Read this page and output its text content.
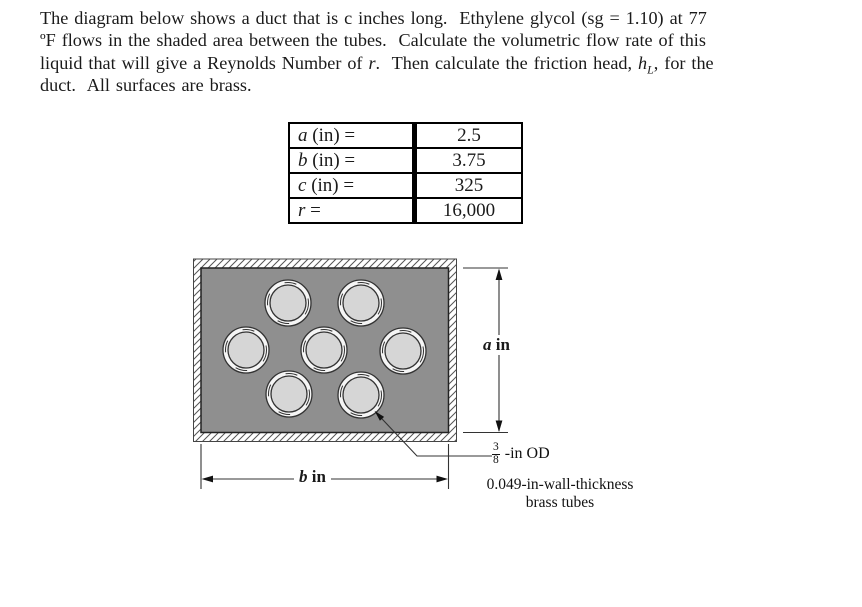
The diagram below shows a duct that is c inches long.  Ethylene glycol (sg = 1.10) at 77
ºF flows in the shaded area between the tubes.  Calculate the volumetric flow rate of this
liquid that will give a Reynolds Number of r.  Then calculate the friction head, $h_L$, for the
duct.  All surfaces are brass.
a (in) =	2.5
b (in) =	3.75
c (in) =	325
r =	16,000
a in
b in
$\frac{3}{8} -in$ OD
0.049-in-wall-thickness
brass tubes
